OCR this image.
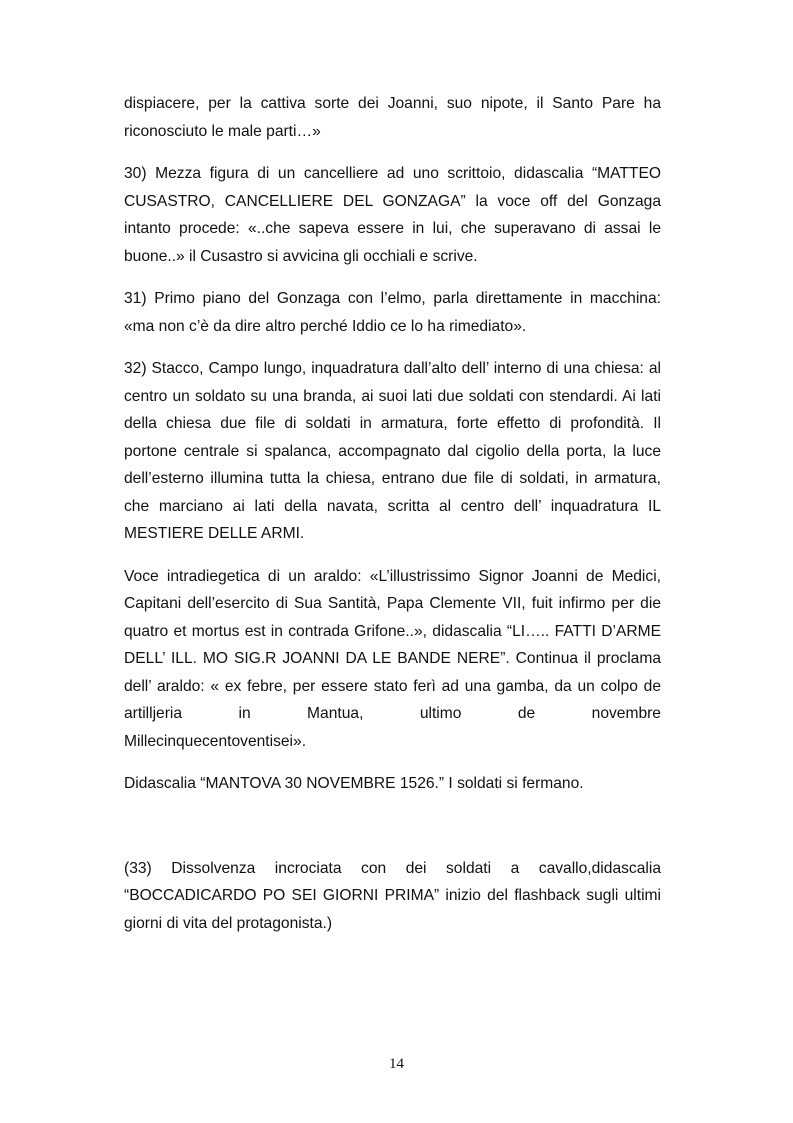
dispiacere, per la cattiva sorte dei Joanni, suo nipote, il Santo Pare ha riconosciuto le male parti…»

30) Mezza figura di un cancelliere ad uno scrittoio, didascalia “MATTEO CUSASTRO, CANCELLIERE DEL GONZAGA” la voce off del Gonzaga intanto procede: «..che sapeva essere in lui, che superavano di assai le buone..» il Cusastro si avvicina gli occhiali e scrive.

31) Primo piano del Gonzaga con l’elmo, parla direttamente in macchina: «ma non c’è da dire altro perché Iddio ce lo ha rimediato».

32) Stacco, Campo lungo, inquadratura dall’alto dell’ interno di una chiesa: al centro un soldato su una branda, ai suoi lati due soldati con stendardi. Ai lati della chiesa due file di soldati in armatura, forte effetto di profondità. Il portone centrale si spalanca, accompagnato dal cigolio della porta, la luce dell’esterno illumina tutta la chiesa, entrano due file di soldati, in armatura, che marciano ai lati della navata, scritta al centro dell’ inquadratura IL MESTIERE DELLE ARMI.

Voce intradiegetica di un araldo: «L’illustrissimo Signor Joanni de Medici, Capitani dell’esercito di Sua Santità, Papa Clemente VII, fuit infirmo per die quatro et mortus est in contrada Grifone..», didascalia “LI….. FATTI D’ARME DELL’ ILL. MO SIG.R JOANNI DA LE BANDE NERE”. Continua il proclama dell’ araldo: « ex febre, per essere stato ferì ad una gamba, da un colpo de artilljeria in Mantua, ultimo de novembre

Millecinquecentoventisei».

Didascalia “MANTOVA 30 NOVEMBRE 1526.” I soldati si fermano.

(33) Dissolvenza incrociata con dei soldati a cavallo,didascalia “BOCCADICARDO PO SEI GIORNI PRIMA” inizio del flashback sugli ultimi giorni di vita del protagonista.)

14
